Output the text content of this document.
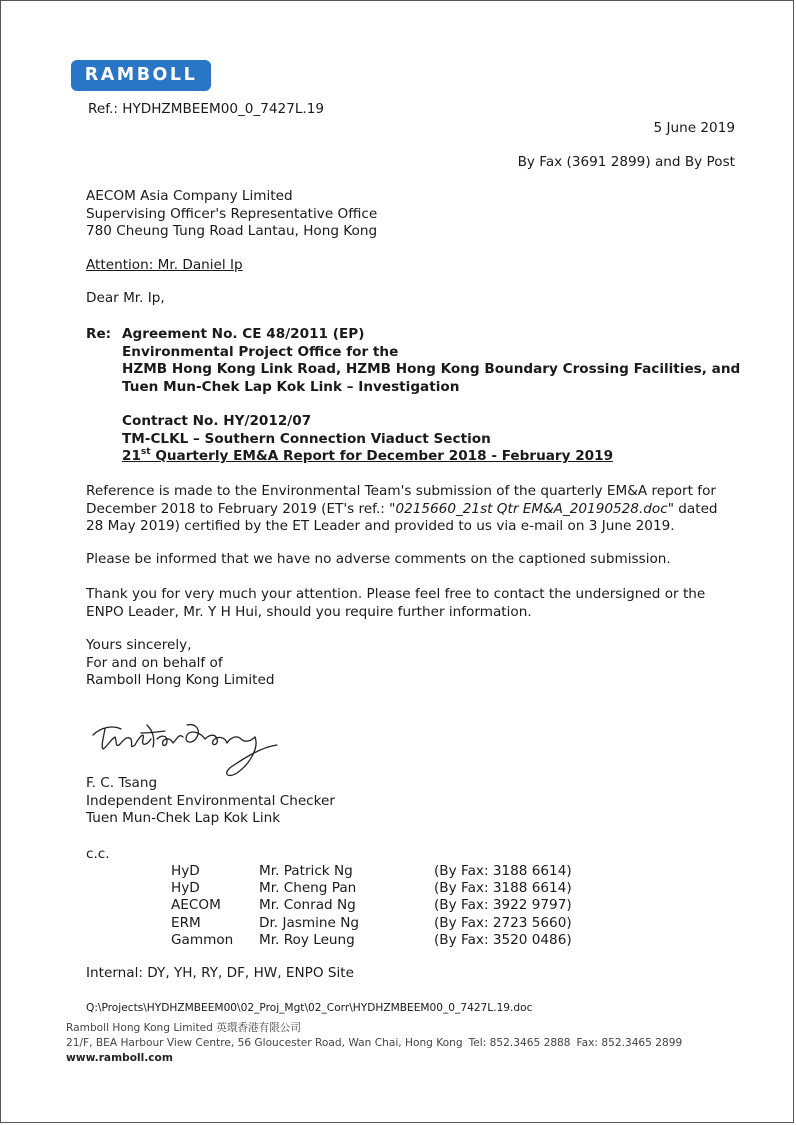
RAMBOLL
Ref.: HYDHZMBEEM00_0_7427L.19
5 June 2019
By Fax (3691 2899) and By Post
AECOM Asia Company Limited
Supervising Officer's Representative Office
780 Cheung Tung Road Lantau, Hong Kong
Attention: Mr. Daniel Ip
Dear Mr. Ip,
Re: Agreement No. CE 48/2011 (EP)
Environmental Project Office for the
HZMB Hong Kong Link Road, HZMB Hong Kong Boundary Crossing Facilities, and
Tuen Mun-Chek Lap Kok Link – Investigation
Contract No. HY/2012/07
TM-CLKL – Southern Connection Viaduct Section
21st Quarterly EM&A Report for December 2018 - February 2019
Reference is made to the Environmental Team's submission of the quarterly EM&A report for
December 2018 to February 2019 (ET's ref.: "0215660_21st Qtr EM&A_20190528.doc" dated
28 May 2019) certified by the ET Leader and provided to us via e-mail on 3 June 2019.
Please be informed that we have no adverse comments on the captioned submission.
Thank you for very much your attention. Please feel free to contact the undersigned or the
ENPO Leader, Mr. Y H Hui, should you require further information.
Yours sincerely,
For and on behalf of
Ramboll Hong Kong Limited
F. C. Tsang
Independent Environmental Checker
Tuen Mun-Chek Lap Kok Link
c.c.
HyD	Mr. Patrick Ng	(By Fax: 3188 6614)
HyD	Mr. Cheng Pan	(By Fax: 3188 6614)
AECOM	Mr. Conrad Ng	(By Fax: 3922 9797)
ERM	Dr. Jasmine Ng	(By Fax: 2723 5660)
Gammon	Mr. Roy Leung	(By Fax: 3520 0486)
Internal: DY, YH, RY, DF, HW, ENPO Site
Q:\Projects\HYDHZMBEEM00\02_Proj_Mgt\02_Corr\HYDHZMBEEM00_0_7427L.19.doc
Ramboll Hong Kong Limited 英環香港有限公司
21/F, BEA Harbour View Centre, 56 Gloucester Road, Wan Chai, Hong Kong Tel: 852.3465 2888 Fax: 852.3465 2899
www.ramboll.com
